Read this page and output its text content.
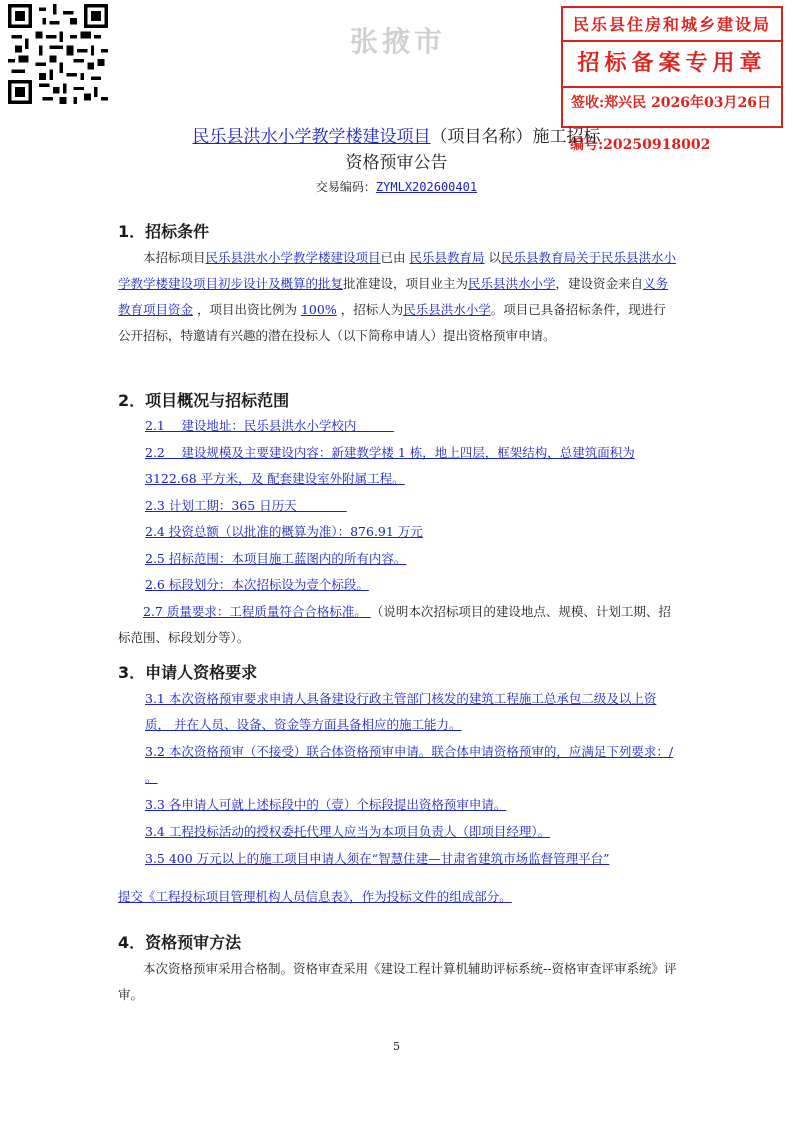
张掖市
民乐县住房和城乡建设局
招标备案专用章
签收:郑兴民 2026年03月26日
编号:20250918002
民乐县洪水小学教学楼建设项目（项目名称）施工招标
资格预审公告
交易编码：ZYMLX202600401
1．招标条件
本招标项目民乐县洪水小学教学楼建设项目已由 民乐县教育局 以民乐县教育局关于民乐县洪水小学教学楼建设项目初步设计及概算的批复批准建设，项目业主为民乐县洪水小学，建设资金来自义务教育项目资金 ，项目出资比例为 100% ，招标人为民乐县洪水小学。项目已具备招标条件，现进行公开招标，特邀请有兴趣的潜在投标人（以下简称申请人）提出资格预审申请。
2．项目概况与招标范围
2.1　 建设地址：民乐县洪水小学校内　　　
2.2　 建设规模及主要建设内容：新建教学楼 1 栋，地上四层，框架结构，总建筑面积为 3122.68 平方米，及 配套建设室外附属工程。
2.3 计划工期：365 日历天　　　　
2.4 投资总额（以批准的概算为准）：876.91 万元
2.5 招标范围：本项目施工蓝图内的所有内容。
2.6 标段划分：本次招标设为壹个标段。
2.7 质量要求：工程质量符合合格标准。 （说明本次招标项目的建设地点、规模、计划工期、招标范围、标段划分等）。
3．申请人资格要求
3.1 本次资格预审要求申请人具备建设行政主管部门核发的建筑工程施工总承包二级及以上资质， 并在人员、设备、资金等方面具备相应的施工能力。
3.2 本次资格预审（不接受）联合体资格预审申请。联合体申请资格预审的，应满足下列要求：/ 。
3.3 各申请人可就上述标段中的（壹）个标段提出资格预审申请。
3.4 工程投标活动的授权委托代理人应当为本项目负责人（即项目经理）。
3.5 400 万元以上的施工项目申请人须在“智慧住建—甘肃省建筑市场监督管理平台”
提交《工程投标项目管理机构人员信息表》，作为投标文件的组成部分。
4．资格预审方法
本次资格预审采用合格制。资格审查采用《建设工程计算机辅助评标系统--资格审查评审系统》评审。
5
